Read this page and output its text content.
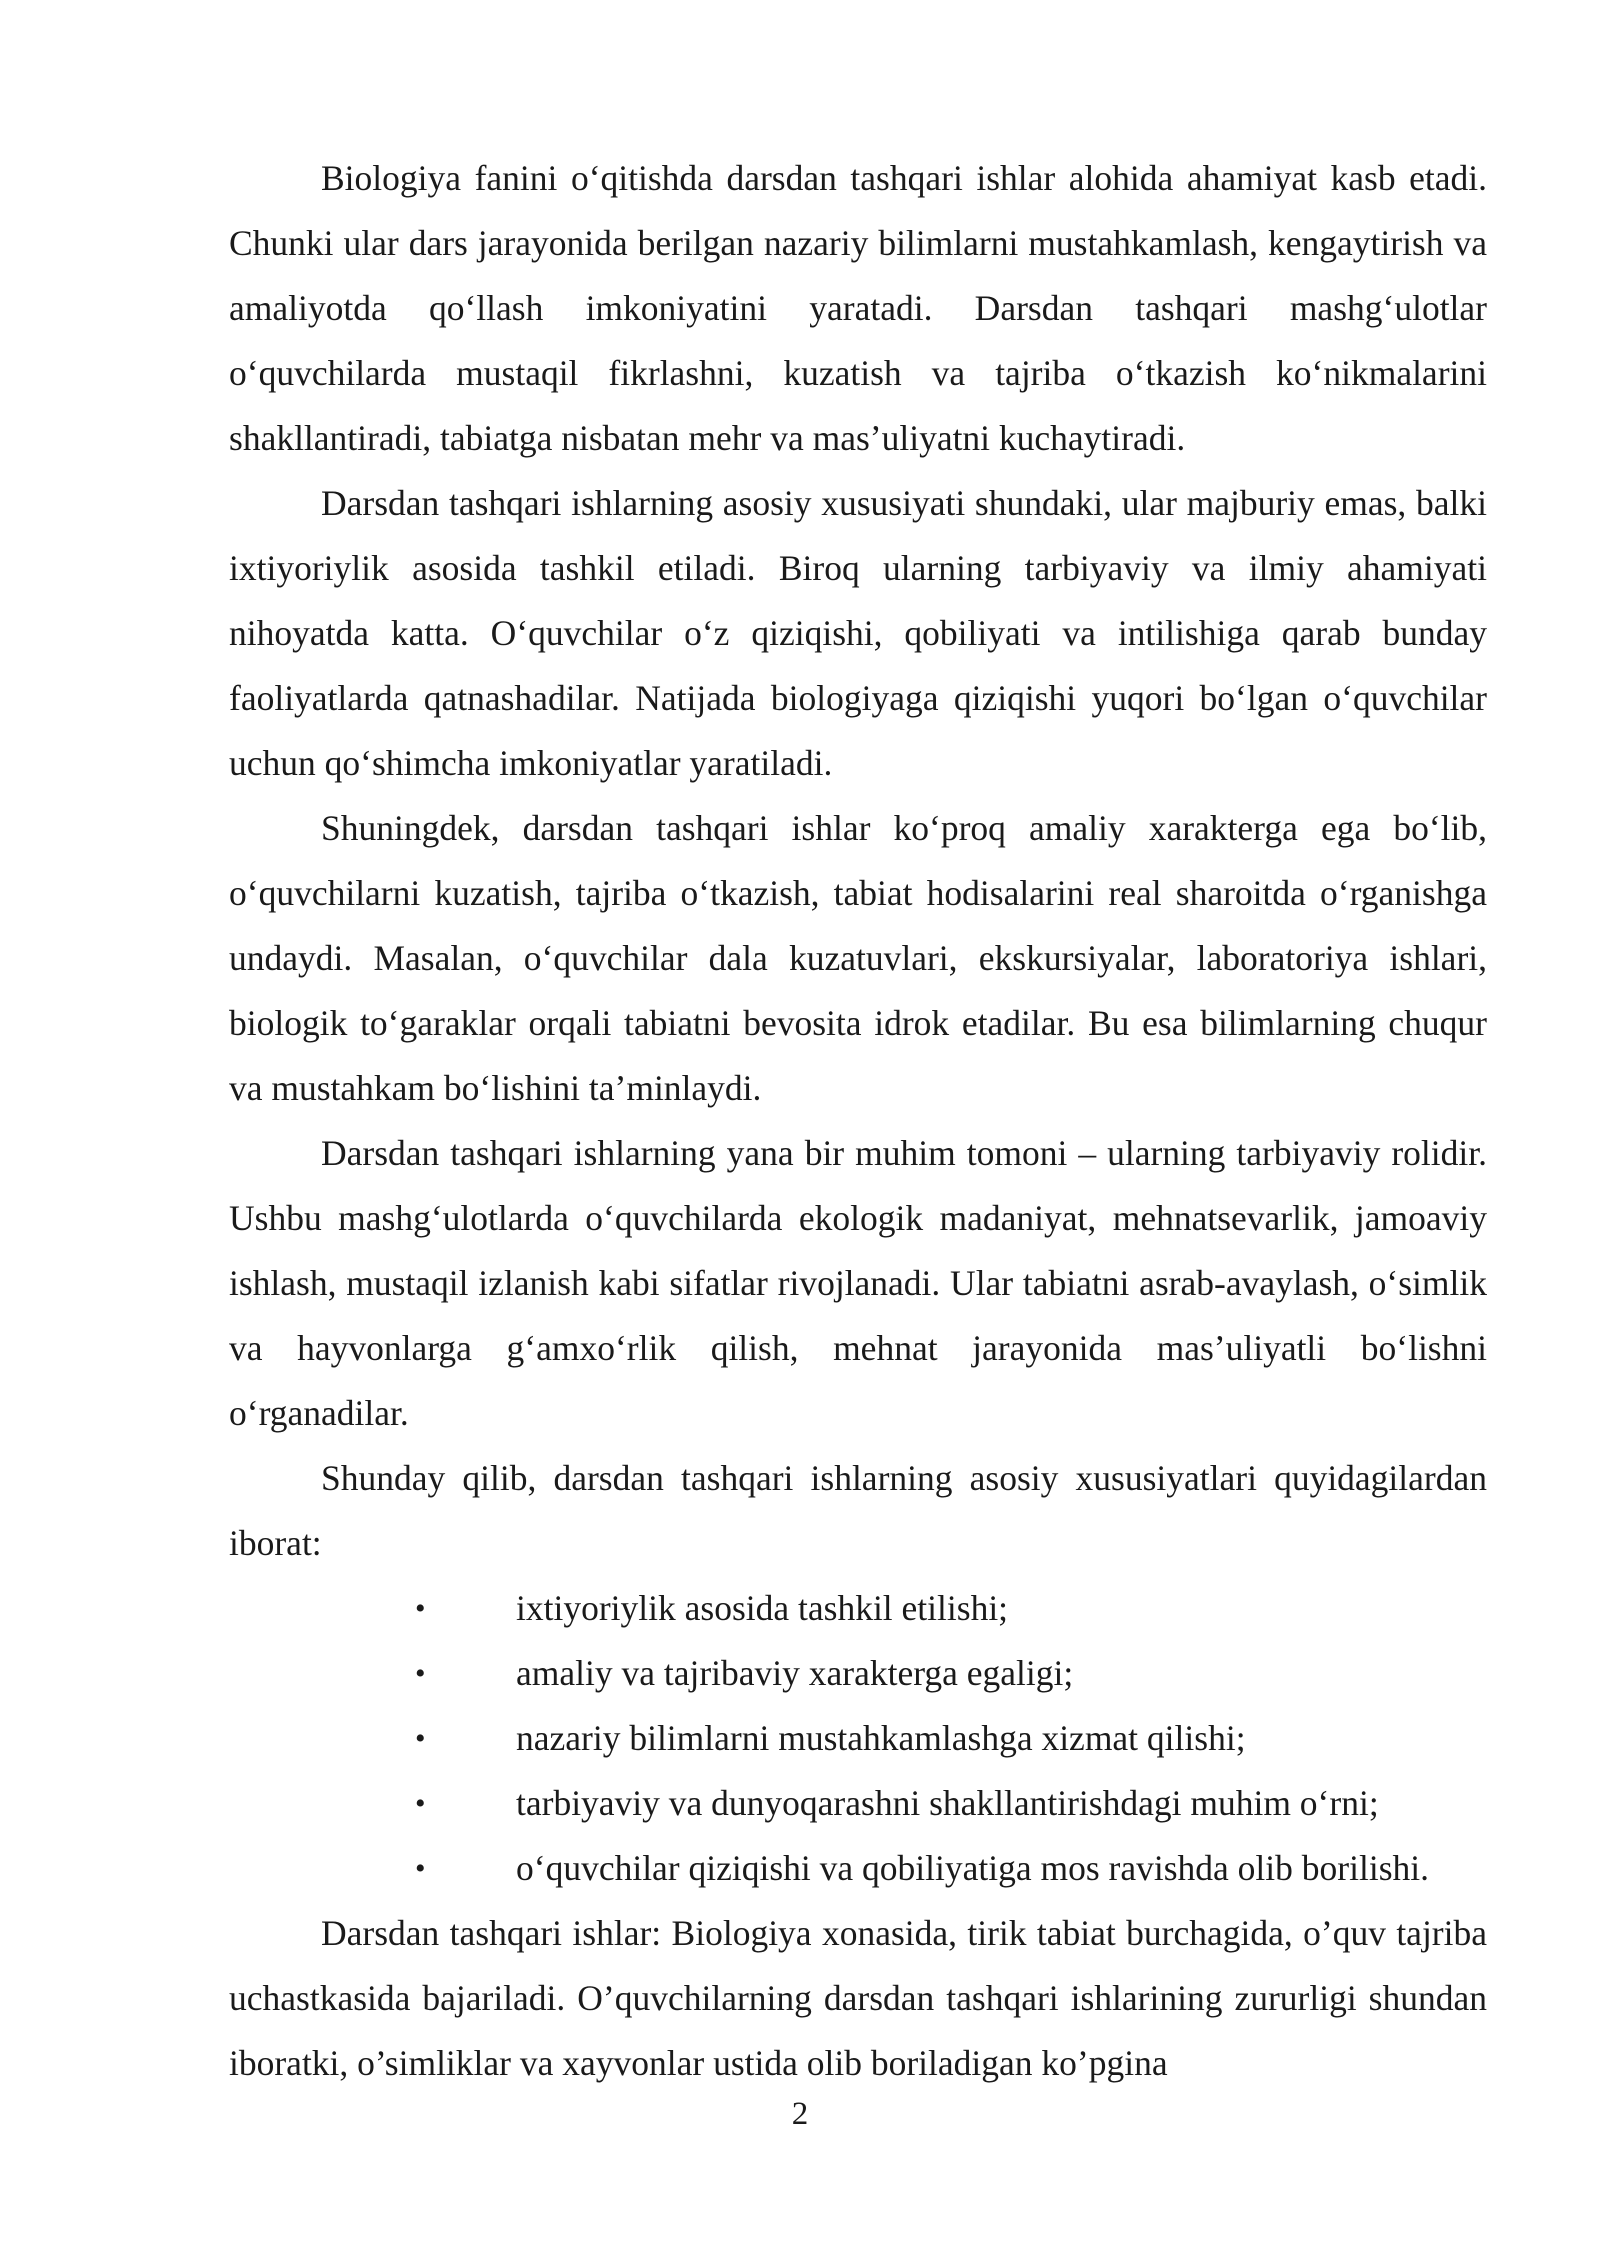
Biologiya fanini oʻqitishda darsdan tashqari ishlar alohida ahamiyat kasb etadi. Chunki ular dars jarayonida berilgan nazariy bilimlarni mustahkamlash, kengaytirish va amaliyotda qoʻllash imkoniyatini yaratadi. Darsdan tashqari mashgʻulotlar oʻquvchilarda mustaqil fikrlashni, kuzatish va tajriba oʻtkazish koʻnikmalarini shakllantiradi, tabiatga nisbatan mehr va masʼuliyatni kuchaytiradi.

Darsdan tashqari ishlarning asosiy xususiyati shundaki, ular majburiy emas, balki ixtiyoriylik asosida tashkil etiladi. Biroq ularning tarbiyaviy va ilmiy ahamiyati nihoyatda katta. Oʻquvchilar oʻz qiziqishi, qobiliyati va intilishiga qarab bunday faoliyatlarda qatnashadilar. Natijada biologiyaga qiziqishi yuqori boʻlgan oʻquvchilar uchun qoʻshimcha imkoniyatlar yaratiladi.

Shuningdek, darsdan tashqari ishlar koʻproq amaliy xarakterga ega boʻlib, oʻquvchilarni kuzatish, tajriba oʻtkazish, tabiat hodisalarini real sharoitda oʻrganishga undaydi. Masalan, oʻquvchilar dala kuzatuvlari, ekskursiyalar, laboratoriya ishlari, biologik toʻgaraklar orqali tabiatni bevosita idrok etadilar. Bu esa bilimlarning chuqur va mustahkam boʻlishini taʼminlaydi.

Darsdan tashqari ishlarning yana bir muhim tomoni – ularning tarbiyaviy rolidir. Ushbu mashgʻulotlarda oʻquvchilarda ekologik madaniyat, mehnatsevarlik, jamoaviy ishlash, mustaqil izlanish kabi sifatlar rivojlanadi. Ular tabiatni asrab-avaylash, oʻsimlik va hayvonlarga gʻamxoʻrlik qilish, mehnat jarayonida masʼuliyatli boʻlishni oʻrganadilar.

Shunday qilib, darsdan tashqari ishlarning asosiy xususiyatlari quyidagilardan iborat:

•	ixtiyoriylik asosida tashkil etilishi;
•	amaliy va tajribaviy xarakterga egaligi;
•	nazariy bilimlarni mustahkamlashga xizmat qilishi;
•	tarbiyaviy va dunyoqarashni shakllantirishdagi muhim oʻrni;
•	oʻquvchilar qiziqishi va qobiliyatiga mos ravishda olib borilishi.

Darsdan tashqari ishlar: Biologiya xonasida, tirik tabiat burchagida, o’quv tajriba uchastkasida bajariladi. O’quvchilarning darsdan tashqari ishlarining zururligi shundan iboratki, o’simliklar va xayvonlar ustida olib boriladigan ko’pgina

2
